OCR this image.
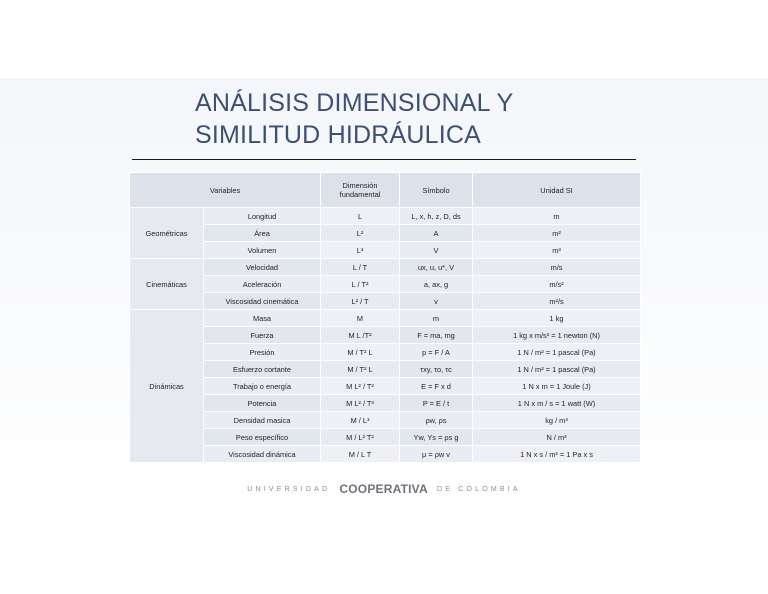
ANÁLISIS DIMENSIONAL Y
SIMILITUD HIDRÁULICA
Variables		Dimensión fundamental	Símbolo	Unidad SI
Geométricas	Longitud	L	L, x, h, z, D, ds	m
	Área	L²	A	m²
	Volumen	L³	V	m³
Cinemáticas	Velocidad	L / T	ux, u, u*, V	m/s
	Aceleración	L / T²	a, ax, g	m/s²
	Viscosidad cinemática	L² / T	v	m²/s
Dinámicas	Masa	M	m	1 kg
	Fuerza	M L /T²	F = ma, mg	1 kg x m/s² = 1 newton (N)
	Presión	M / T² L	p = F / A	1 N / m² = 1 pascal (Pa)
	Esfuerzo cortante	M / T² L	τxy, τo, τc	1 N / m² = 1 pascal (Pa)
	Trabajo o energía	M L² / T²	E = F x d	1 N x m = 1 Joule (J)
	Potencia	M L² / T³	P = E / t	1 N x m / s = 1 watt (W)
	Densidad masica	M / L³	ρw, ρs	kg / m³
	Peso específico	M / L² T²	Yw, Ys = ρs g	N / m³
	Viscosidad dinámica	M / L T	μ = ρw v	1 N x s / m² = 1 Pa x s
UNIVERSIDAD COOPERATIVA DE COLOMBIA
